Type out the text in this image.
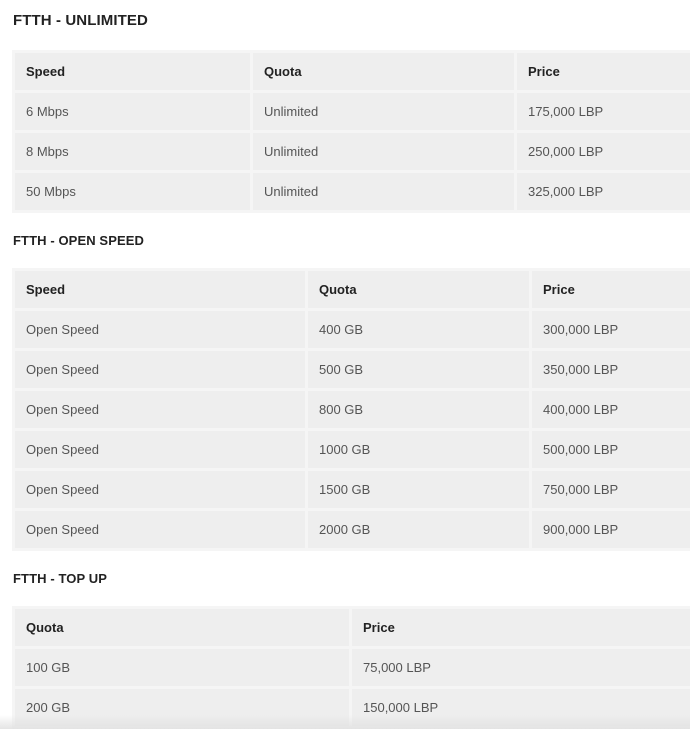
FTTH - UNLIMITED
Speed	Quota	Price
6 Mbps	Unlimited	175,000 LBP
8 Mbps	Unlimited	250,000 LBP
50 Mbps	Unlimited	325,000 LBP
FTTH - OPEN SPEED
Speed	Quota	Price
Open Speed	400 GB	300,000 LBP
Open Speed	500 GB	350,000 LBP
Open Speed	800 GB	400,000 LBP
Open Speed	1000 GB	500,000 LBP
Open Speed	1500 GB	750,000 LBP
Open Speed	2000 GB	900,000 LBP
FTTH - TOP UP
Quota	Price
100 GB	75,000 LBP
200 GB	150,000 LBP
